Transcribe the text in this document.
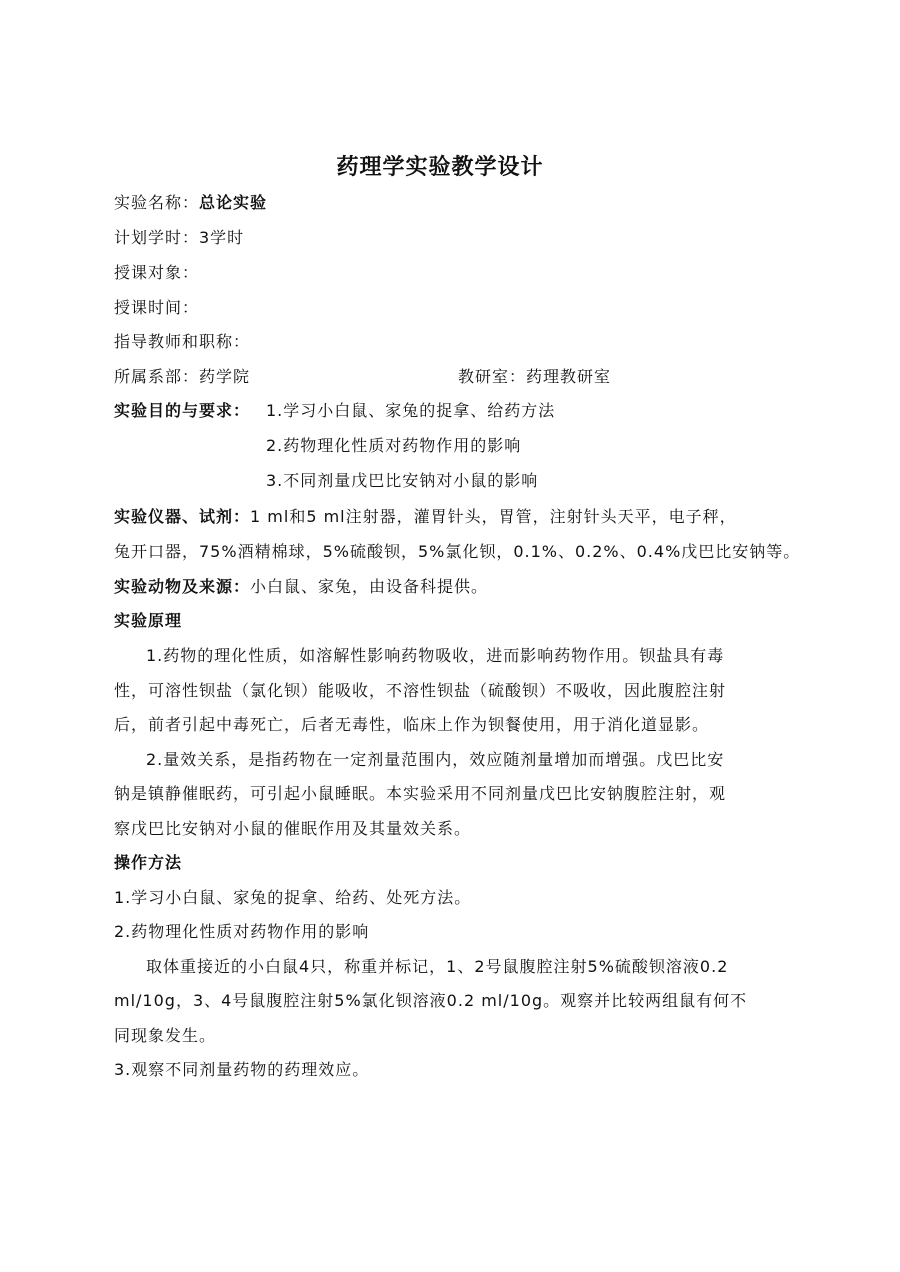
药理学实验教学设计
实验名称：总论实验
计划学时：3学时
授课对象：
授课时间：
指导教师和职称：
所属系部：药学院	教研室：药理教研室
实验目的与要求： 1.学习小白鼠、家兔的捉拿、给药方法
2.药物理化性质对药物作用的影响
3.不同剂量戊巴比安钠对小鼠的影响
实验仪器、试剂：1 ml和5 ml注射器，灌胃针头，胃管，注射针头天平，电子秤，
兔开口器，75%酒精棉球，5%硫酸钡，5%氯化钡，0.1%、0.2%、0.4%戊巴比安钠等。
实验动物及来源：小白鼠、家兔，由设备科提供。
实验原理
1.药物的理化性质，如溶解性影响药物吸收，进而影响药物作用。钡盐具有毒
性，可溶性钡盐（氯化钡）能吸收，不溶性钡盐（硫酸钡）不吸收，因此腹腔注射
后，前者引起中毒死亡，后者无毒性，临床上作为钡餐使用，用于消化道显影。
2.量效关系，是指药物在一定剂量范围内，效应随剂量增加而增强。戊巴比安
钠是镇静催眠药，可引起小鼠睡眠。本实验采用不同剂量戊巴比安钠腹腔注射，观
察戊巴比安钠对小鼠的催眠作用及其量效关系。
操作方法
1.学习小白鼠、家兔的捉拿、给药、处死方法。
2.药物理化性质对药物作用的影响
取体重接近的小白鼠4只，称重并标记，1、2号鼠腹腔注射5%硫酸钡溶液0.2
ml/10g，3、4号鼠腹腔注射5%氯化钡溶液0.2 ml/10g。观察并比较两组鼠有何不
同现象发生。
3.观察不同剂量药物的药理效应。
